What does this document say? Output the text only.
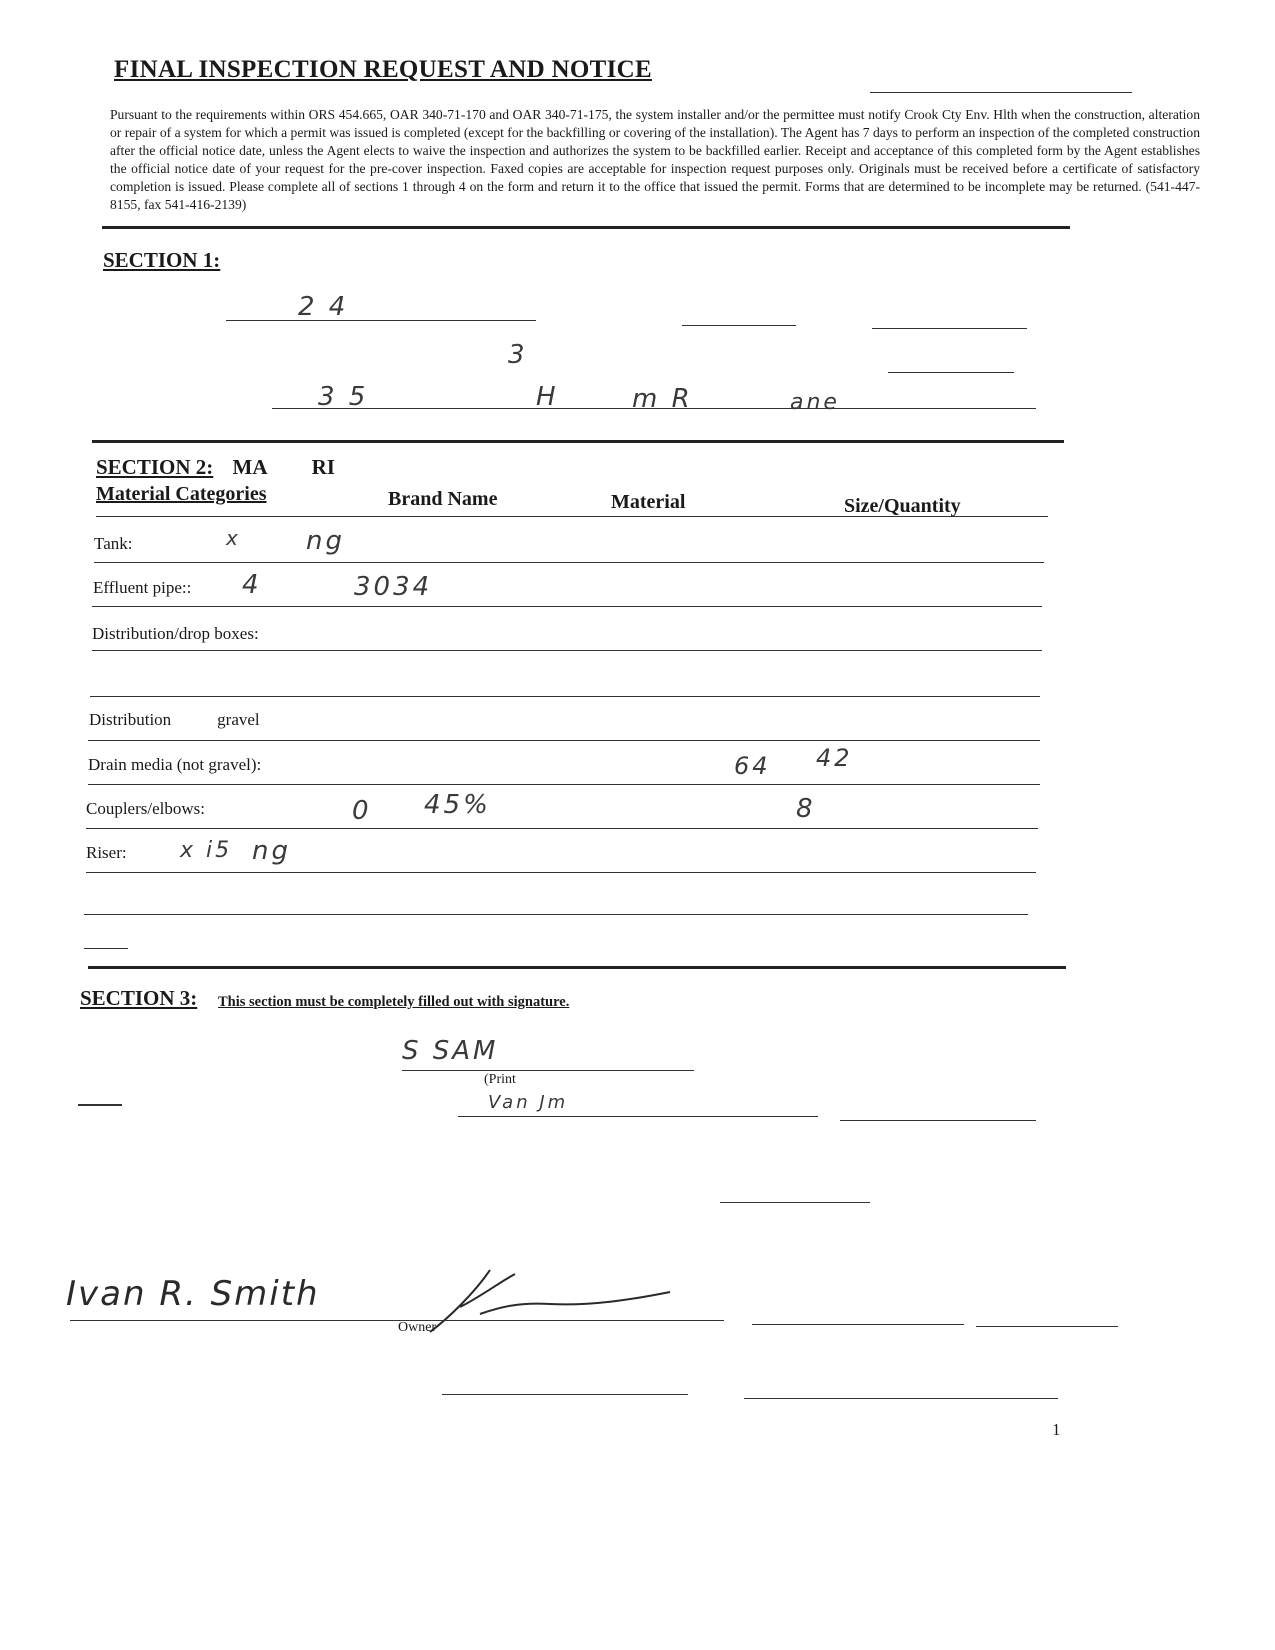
FINAL INSPECTION REQUEST AND NOTICE
Pursuant to the requirements within ORS 454.665, OAR 340-71-170 and OAR 340-71-175, the system installer and/or the permittee must notify Crook Cty Env. Hlth when the construction, alteration or repair of a system for which a permit was issued is completed (except for the backfilling or covering of the installation). The Agent has 7 days to perform an inspection of the completed construction after the official notice date, unless the Agent elects to waive the inspection and authorizes the system to be backfilled earlier. Receipt and acceptance of this completed form by the Agent establishes the official notice date of your request for the pre-cover inspection. Faxed copies are acceptable for inspection request purposes only. Originals must be received before a certificate of satisfactory completion is issued. Please complete all of sections 1 through 4 on the form and return it to the office that issued the permit. Forms that are determined to be incomplete may be returned. (541-447-8155, fax 541-416-2139)
SECTION 1:
2 4
3
3 5	H	m R	ane
SECTION 2: MA RI
Material Categories	Brand Name	Material	Size/Quantity
Tank:	x	ng
Effluent pipe:: 4	3034
Distribution/drop boxes:
Distribution	gravel
Drain media (not gravel):	64 42
Couplers/elbows:	0 45%	8
Riser: x i5 ng
SECTION 3: This section must be completely filled out with signature.
S SAM
(Print
Van Jm
Ivan R. Smith
Owner
1
